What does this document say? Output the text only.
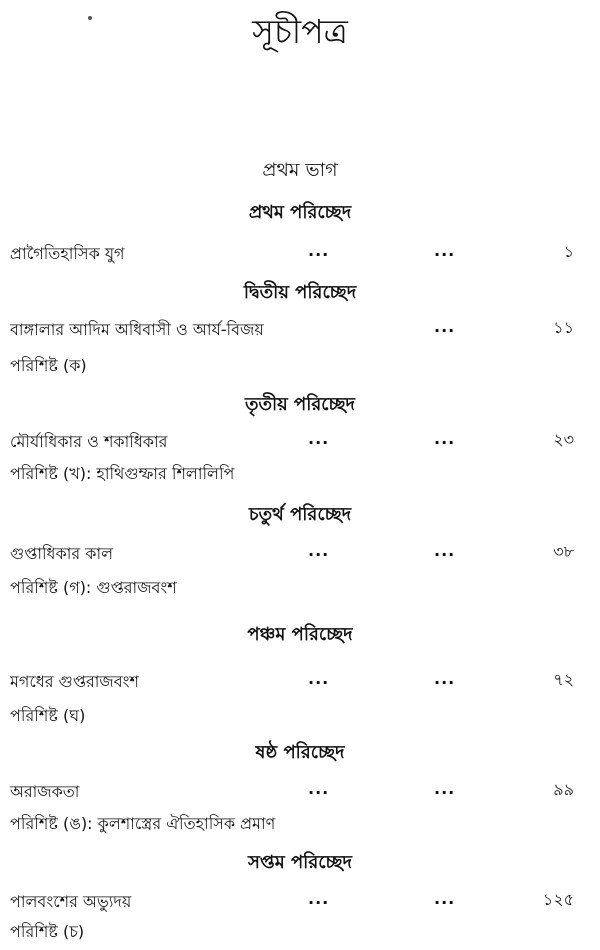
সূচীপত্র
প্রথম ভাগ
প্রথম পরিচ্ছেদ
প্রাগৈতিহাসিক যুগ	...	...	১
দ্বিতীয় পরিচ্ছেদ
বাঙ্গালার আদিম অধিবাসী ও আর্য-বিজয়	...	১১
পরিশিষ্ট (ক)
তৃতীয় পরিচ্ছেদ
মৌর্যাধিকার ও শকাধিকার	...	...	২৩
পরিশিষ্ট (খ): হাথিগুম্ফার শিলালিপি
চতুর্থ পরিচ্ছেদ
গুপ্তাধিকার কাল	...	...	৩৮
পরিশিষ্ট (গ): গুপ্তরাজবংশ
পঞ্চম পরিচ্ছেদ
মগধের গুপ্তরাজবংশ	...	...	৭২
পরিশিষ্ট (ঘ)
ষষ্ঠ পরিচ্ছেদ
অরাজকতা	...	...	৯৯
পরিশিষ্ট (ঙ): কুলশাস্ত্রের ঐতিহাসিক প্রমাণ
সপ্তম পরিচ্ছেদ
পালবংশের অভ্যুদয়	...	...	১২৫
পরিশিষ্ট (চ)
